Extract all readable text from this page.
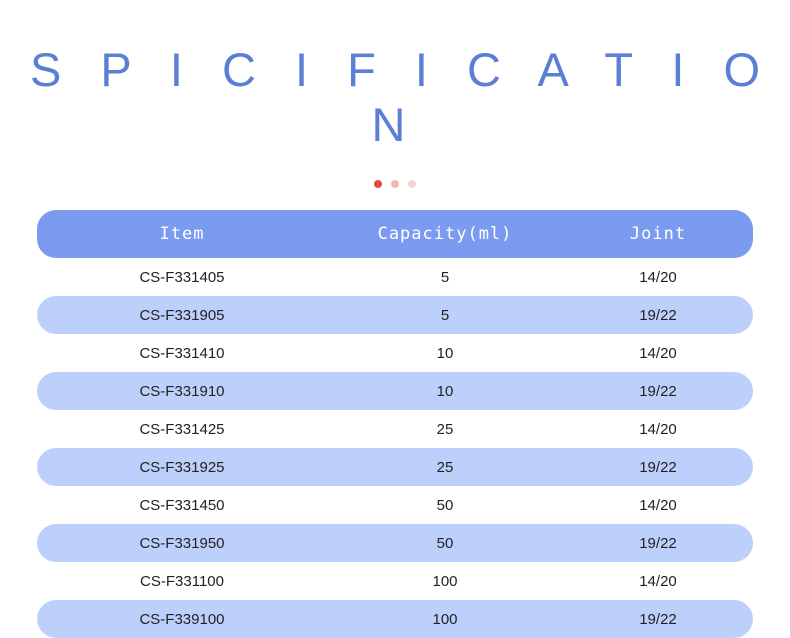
S P I C I F I C A T I O N
Item	Capacity(ml)	Joint
CS-F331405	5	14/20
CS-F331905	5	19/22
CS-F331410	10	14/20
CS-F331910	10	19/22
CS-F331425	25	14/20
CS-F331925	25	19/22
CS-F331450	50	14/20
CS-F331950	50	19/22
CS-F331100	100	14/20
CS-F339100	100	19/22
